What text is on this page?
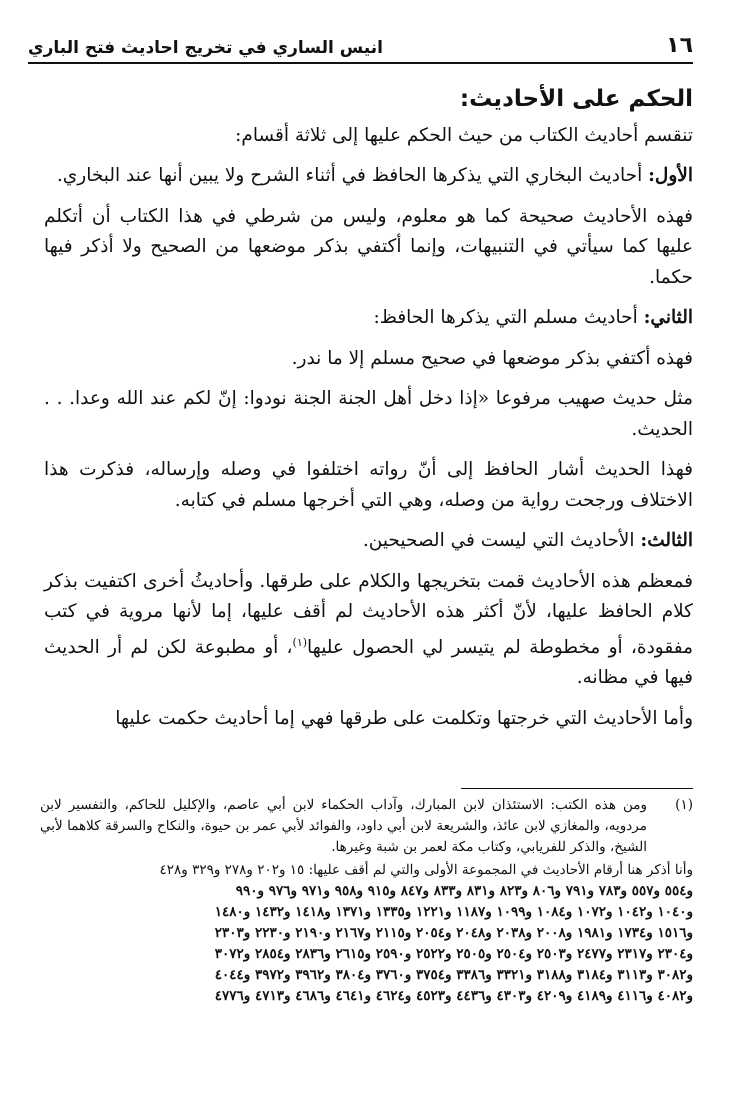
١٦
انيس الساري في تخريج احاديث فتح الباري
الحكم على الأحاديث:

تنقسم أحاديث الكتاب من حيث الحكم عليها إلى ثلاثة أقسام:

الأول: أحاديث البخاري التي يذكرها الحافظ في أثناء الشرح ولا يبين أنها عند البخاري.

فهذه الأحاديث صحيحة كما هو معلوم، وليس من شرطي في هذا الكتاب أن أتكلم عليها كما سيأتي في التنبيهات، وإنما أكتفي بذكر موضعها من الصحيح ولا أذكر فيها حكما.

الثاني: أحاديث مسلم التي يذكرها الحافظ:

فهذه أكتفي بذكر موضعها في صحيح مسلم إلا ما ندر.

مثل حديث صهيب مرفوعا «إذا دخل أهل الجنة الجنة نودوا: إنّ لكم عند الله وعدا. . . الحديث.

فهذا الحديث أشار الحافظ إلى أنّ رواته اختلفوا في وصله وإرساله، فذكرت هذا الاختلاف ورجحت رواية من وصله، وهي التي أخرجها مسلم في كتابه.

الثالث: الأحاديث التي ليست في الصحيحين.

فمعظم هذه الأحاديث قمت بتخريجها والكلام على طرقها. وأحاديثُ أخرى اكتفيت بذكر كلام الحافظ عليها، لأنّ أكثر هذه الأحاديث لم أقف عليها، إما لأنها مروية في كتب مفقودة، أو مخطوطة لم يتيسر لي الحصول عليها$^{(١)}$، أو مطبوعة لكن لم أر الحديث فيها في مظانه.

وأما الأحاديث التي خرجتها وتكلمت على طرقها فهي إما أحاديث حكمت عليها

(١)

ومن هذه الكتب: الاستئذان لابن المبارك، وآداب الحكماء لابن أبي عاصم، والإكليل للحاكم، والتفسير لابن مردويه، والمغازي لابن عائذ، والشريعة لابن أبي داود، والفوائد لأبي عمر بن حيوة، والنكاح والسرقة كلاهما لأبي الشيخ، والذكر للفريابي، وكتاب مكة لعمر بن شبة وغيرها.

وأنا أذكر هنا أرقام الأحاديث في المجموعة الأولى والتي لم أقف عليها: ١٥ و٢٠٢ و٢٧٨ و٣٢٩ و٤٢٨

و٥٥٤ و٥٥٧ و٧٨٣ و٧٩١ و٨٠٦ و٨٢٣ و٨٣١ و٨٣٣ و٨٤٧ و٩١٥ و٩٥٨ و٩٧١ و٩٧٦ و٩٩٠

و١٠٤٠ و١٠٤٢ و١٠٧٢ و١٠٨٤ و١٠٩٩ و١١٨٧ و١٢٢١ و١٣٣٥ و١٣٧١ و١٤١٨ و١٤٣٢ و١٤٨٠

و١٥١٦ و١٧٣٤ و١٩٨١ و٢٠٠٨ و٢٠٣٨ و٢٠٤٨ و٢٠٥٤ و٢١١٥ و٢١٦٧ و٢١٩٠ و٢٢٣٠ و٢٣٠٣

و٢٣٠٤ و٢٣١٧ و٢٤٧٧ و٢٥٠٣ و٢٥٠٤ و٢٥٠٥ و٢٥٢٢ و٢٥٩٠ و٢٦١٥ و٢٨٣٦ و٢٨٥٤ و٣٠٧٢

و٣٠٨٢ و٣١١٣ و٣١٨٤ و٣١٨٨ و٣٣٢١ و٣٣٨٦ و٣٧٥٤ و٣٧٦٠ و٣٨٠٤ و٣٩٦٢ و٣٩٧٢ و٤٠٤٤

و٤٠٨٢ و٤١١٦ و٤١٨٩ و٤٢٠٩ و٤٣٠٣ و٤٤٣٦ و٤٥٢٣ و٤٦٢٤ و٤٦٤١ و٤٦٨٦ و٤٧١٣ و٤٧٧٦
